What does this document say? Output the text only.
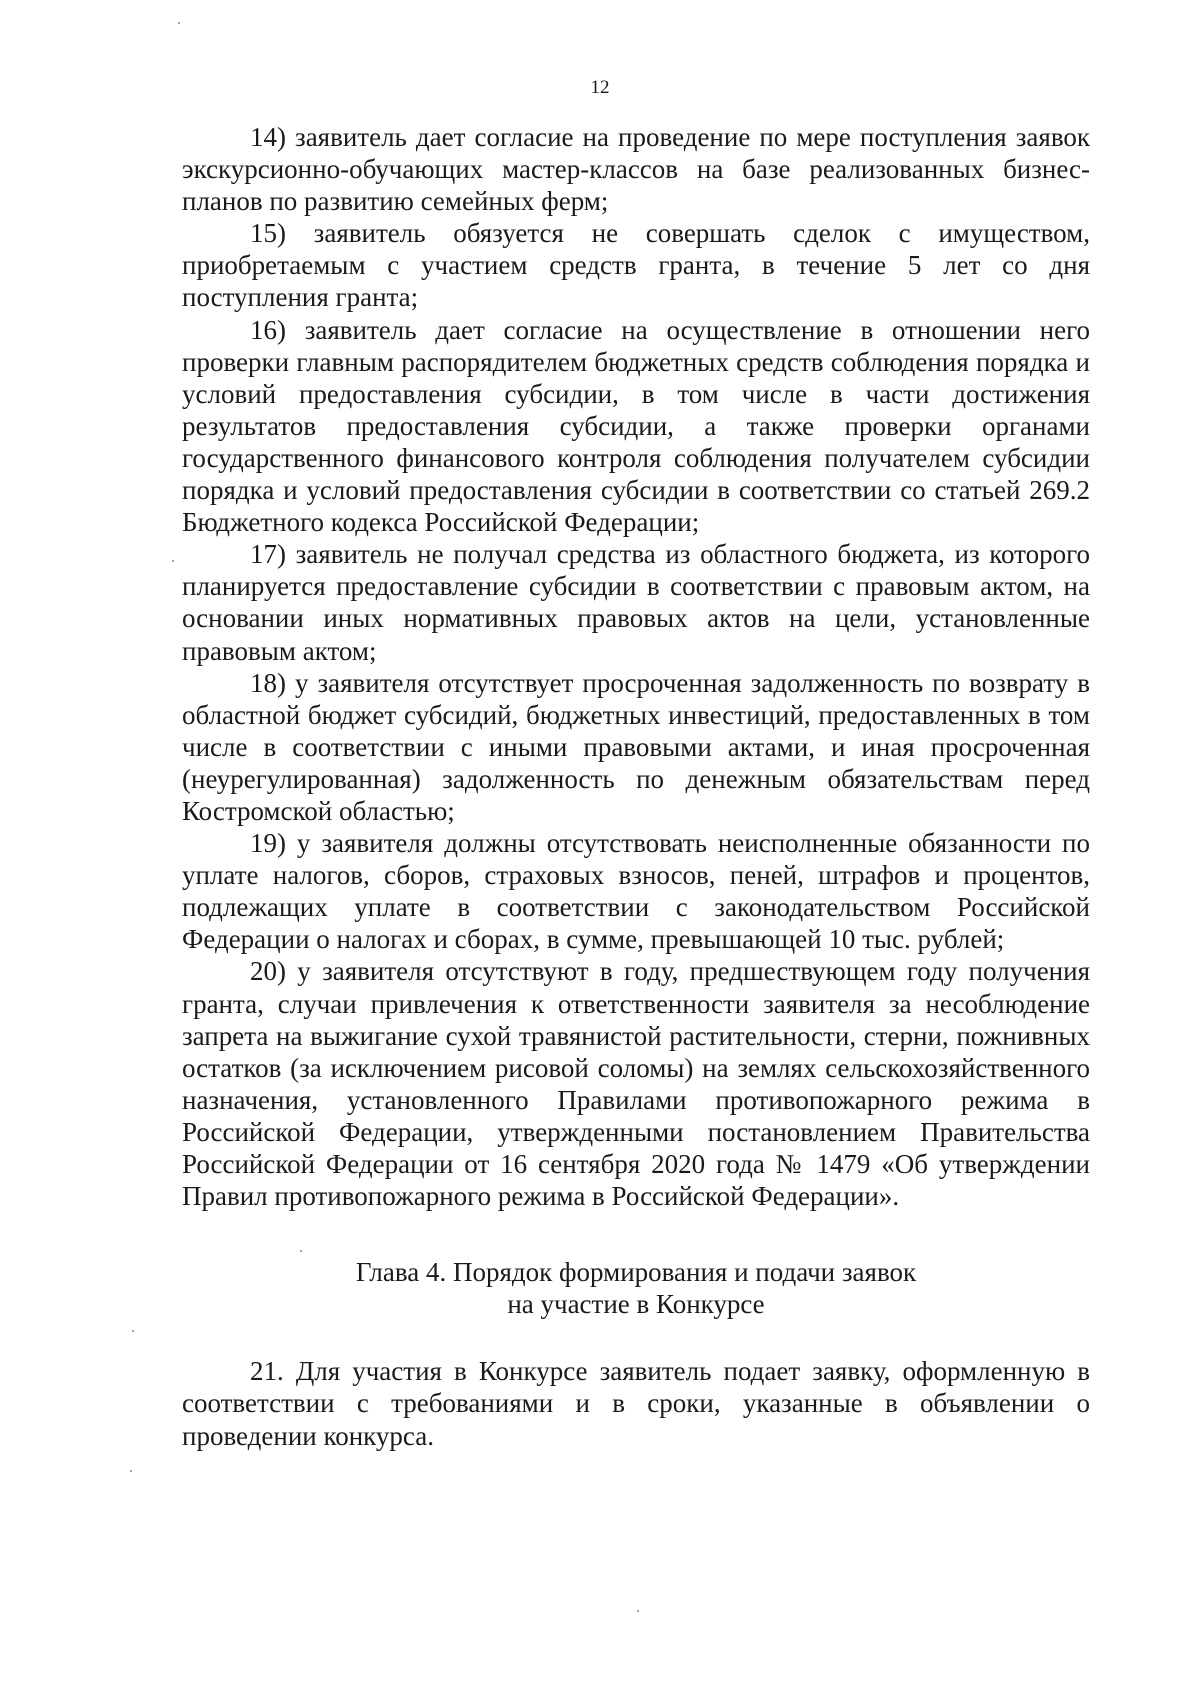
12

14) заявитель дает согласие на проведение по мере поступления заявок экскурсионно-обучающих мастер-классов на базе реализованных бизнес-планов по развитию семейных ферм;

15) заявитель обязуется не совершать сделок с имуществом, приобретаемым с участием средств гранта, в течение 5 лет со дня поступления гранта;

16) заявитель дает согласие на осуществление в отношении него проверки главным распорядителем бюджетных средств соблюдения порядка и условий предоставления субсидии, в том числе в части достижения результатов предоставления субсидии, а также проверки органами государственного финансового контроля соблюдения получателем субсидии порядка и условий предоставления субсидии в соответствии со статьей 269.2 Бюджетного кодекса Российской Федерации;

17) заявитель не получал средства из областного бюджета, из которого планируется предоставление субсидии в соответствии с правовым актом, на основании иных нормативных правовых актов на цели, установленные правовым актом;

18) у заявителя отсутствует просроченная задолженность по возврату в областной бюджет субсидий, бюджетных инвестиций, предоставленных в том числе в соответствии с иными правовыми актами, и иная просроченная (неурегулированная) задолженность по денежным обязательствам перед Костромской областью;

19) у заявителя должны отсутствовать неисполненные обязанности по уплате налогов, сборов, страховых взносов, пеней, штрафов и процентов, подлежащих уплате в соответствии с законодательством Российской Федерации о налогах и сборах, в сумме, превышающей 10 тыс. рублей;

20) у заявителя отсутствуют в году, предшествующем году получения гранта, случаи привлечения к ответственности заявителя за несоблюдение запрета на выжигание сухой травянистой растительности, стерни, пожнивных остатков (за исключением рисовой соломы) на землях сельскохозяйственного назначения, установленного Правилами противопожарного режима в Российской Федерации, утвержденными постановлением Правительства Российской Федерации от 16 сентября 2020 года № 1479 «Об утверждении Правил противопожарного режима в Российской Федерации».

Глава 4. Порядок формирования и подачи заявок
на участие в Конкурсе

21. Для участия в Конкурсе заявитель подает заявку, оформленную в соответствии с требованиями и в сроки, указанные в объявлении о проведении конкурса.
